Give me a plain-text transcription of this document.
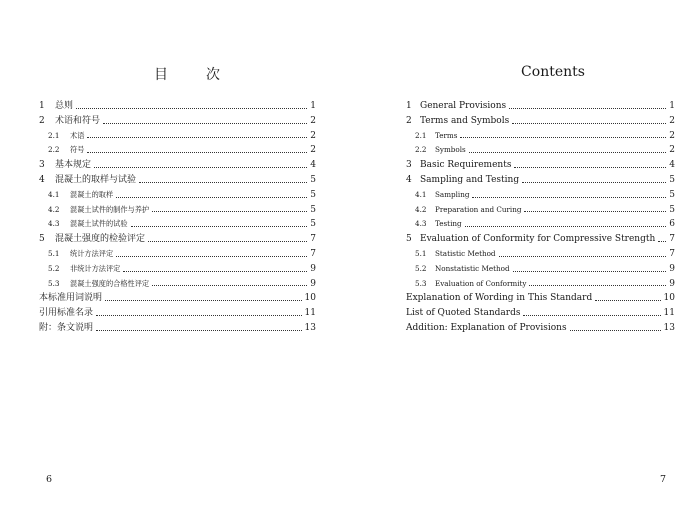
目	次
1	总则	1
2	术语和符号	2
2.1	术语	2
2.2	符号	2
3	基本规定	4
4	混凝土的取样与试验	5
4.1	混凝土的取样	5
4.2	混凝土试件的制作与养护	5
4.3	混凝土试件的试验	5
5	混凝土强度的检验评定	7
5.1	统计方法评定	7
5.2	非统计方法评定	9
5.3	混凝土强度的合格性评定	9
本标准用词说明	10
引用标准名录	11
附：条文说明	13
6
Contents
1 General Provisions	1
2 Terms and Symbols	2
2.1	Terms	2
2.2	Symbols	2
3 Basic Requirements	4
4 Sampling and Testing	5
4.1	Sampling	5
4.2	Preparation and Curing	5
4.3	Testing	6
5 Evaluation of Conformity for Compressive Strength 7
5.1	Statistic Method	7
5.2	Nonstatistic Method	9
5.3	Evaluation of Conformity	9
Explanation of Wording in This Standard	10
List of Quoted Standards	11
Addition: Explanation of Provisions	13
7
